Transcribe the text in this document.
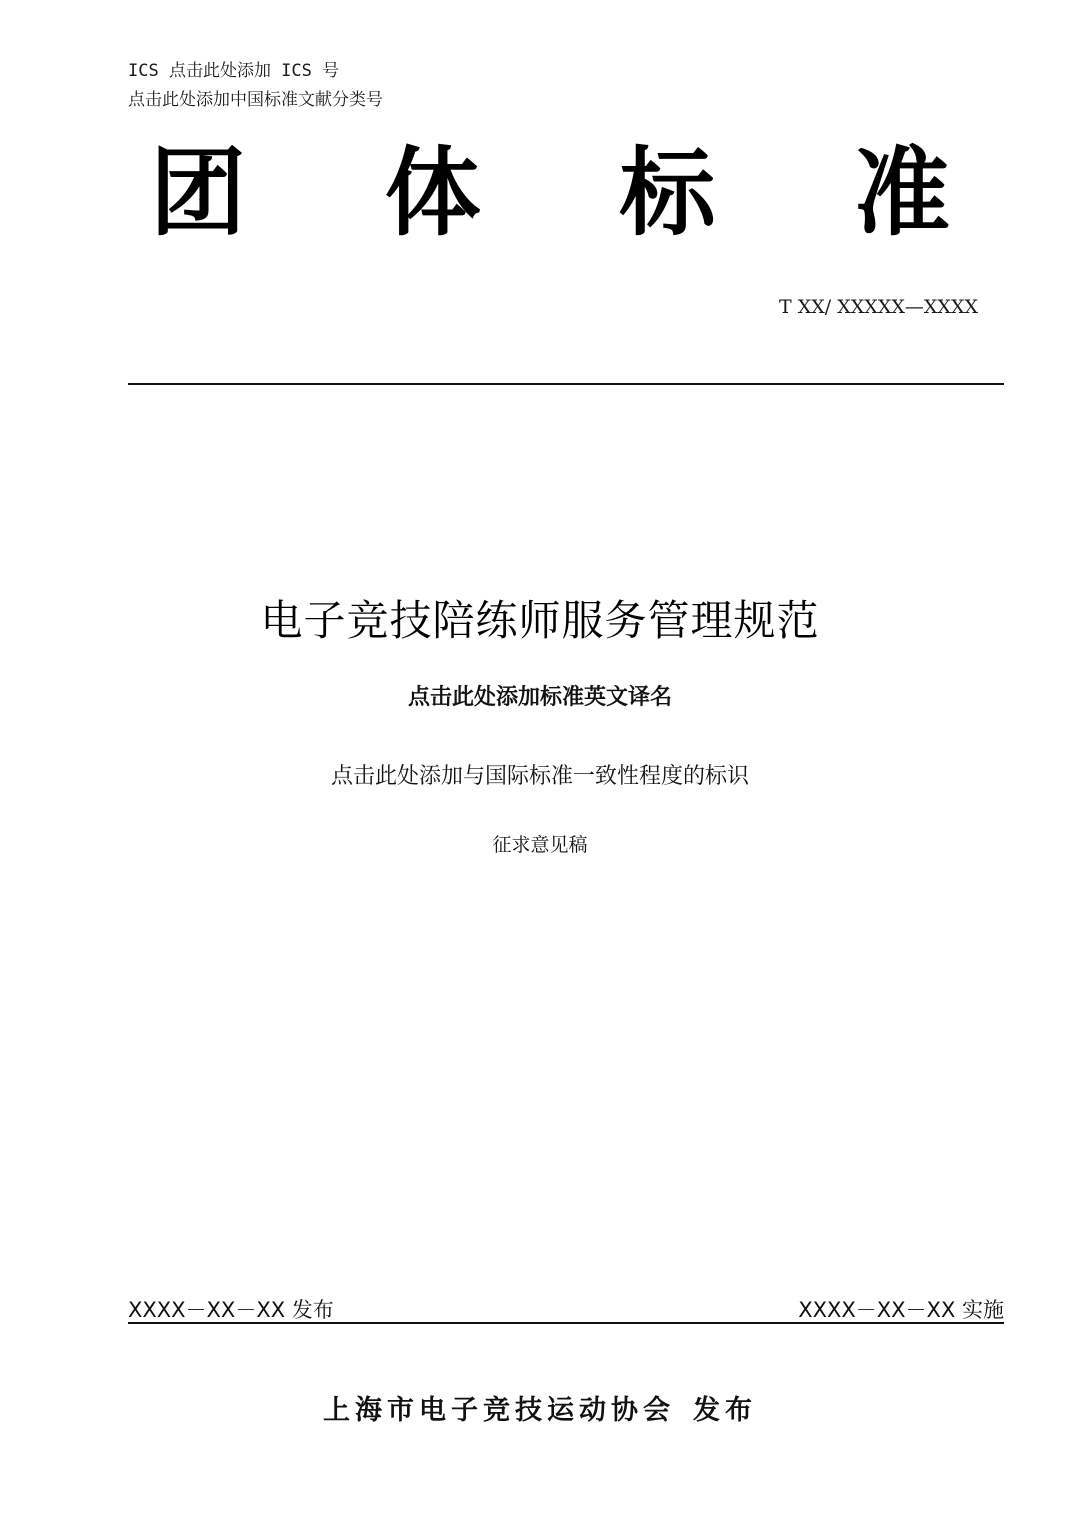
ICS 点击此处添加 ICS 号
点击此处添加中国标准文献分类号
团 体 标 准
T XX/ XXXXX—XXXX
电子竞技陪练师服务管理规范
点击此处添加标准英文译名
点击此处添加与国际标准一致性程度的标识
征求意见稿
XXXX－XX－XX 发布	XXXX－XX－XX 实施
上海市电子竞技运动协会 发布
